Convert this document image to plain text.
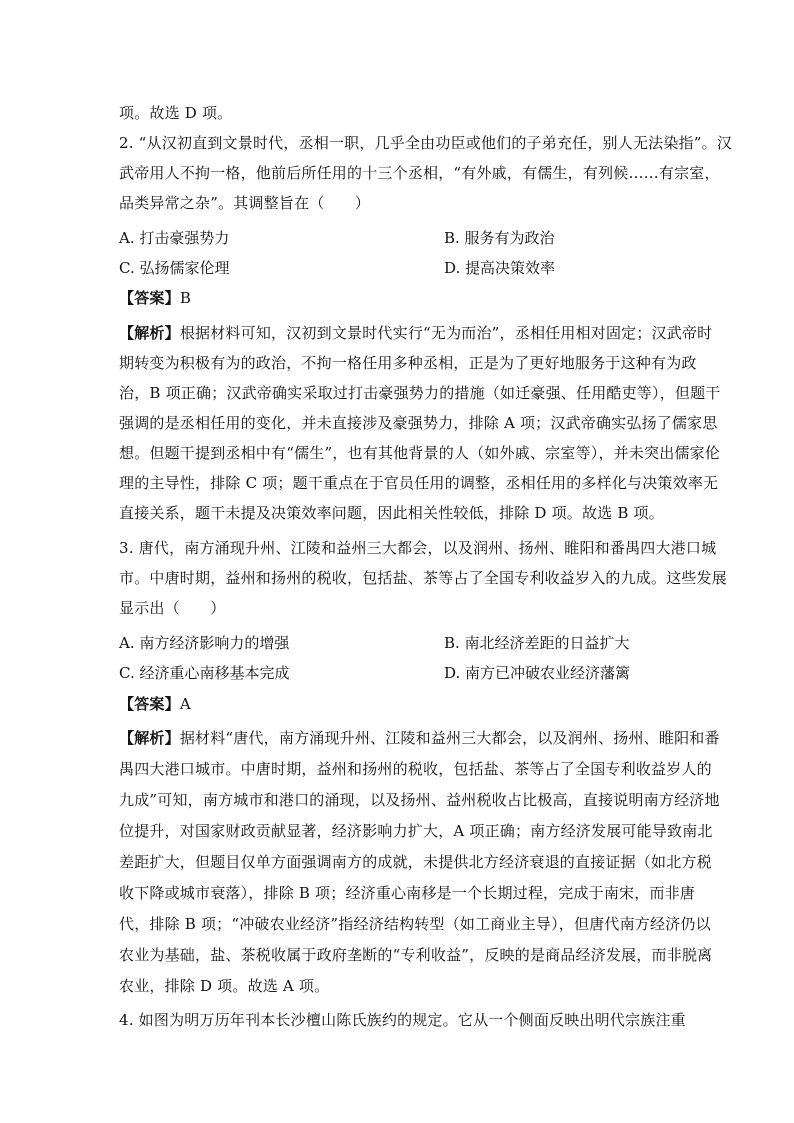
项。故选 D 项。
2. “从汉初直到文景时代，丞相一职，几乎全由功臣或他们的子弟充任，别人无法染指”。汉
武帝用人不拘一格，他前后所任用的十三个丞相，“有外戚，有儒生，有列候……有宗室，
品类异常之杂”。其调整旨在（　　）
A. 打击豪强势力	B. 服务有为政治
C. 弘扬儒家伦理	D. 提高决策效率
【答案】B
【解析】根据材料可知，汉初到文景时代实行“无为而治”，丞相任用相对固定；汉武帝时
期转变为积极有为的政治，不拘一格任用多种丞相，正是为了更好地服务于这种有为政
治，B 项正确；汉武帝确实采取过打击豪强势力的措施（如迁豪强、任用酷吏等），但题干
强调的是丞相任用的变化，并未直接涉及豪强势力，排除 A 项；汉武帝确实弘扬了儒家思
想。但题干提到丞相中有“儒生”，也有其他背景的人（如外戚、宗室等），并未突出儒家伦
理的主导性，排除 C 项；题干重点在于官员任用的调整，丞相任用的多样化与决策效率无
直接关系，题干未提及决策效率问题，因此相关性较低，排除 D 项。故选 B 项。
3. 唐代，南方涌现升州、江陵和益州三大都会，以及润州、扬州、睢阳和番禺四大港口城
市。中唐时期，益州和扬州的税收，包括盐、茶等占了全国专利收益岁入的九成。这些发展
显示出（　　）
A. 南方经济影响力的增强	B. 南北经济差距的日益扩大
C. 经济重心南移基本完成	D. 南方已冲破农业经济藩篱
【答案】A
【解析】据材料“唐代，南方涌现升州、江陵和益州三大都会，以及润州、扬州、睢阳和番
禺四大港口城市。中唐时期，益州和扬州的税收，包括盐、茶等占了全国专利收益岁人的
九成”可知，南方城市和港口的涌现，以及扬州、益州税收占比极高，直接说明南方经济地
位提升，对国家财政贡献显著，经济影响力扩大，A 项正确；南方经济发展可能导致南北
差距扩大，但题目仅单方面强调南方的成就，未提供北方经济衰退的直接证据（如北方税
收下降或城市衰落），排除 B 项；经济重心南移是一个长期过程，完成于南宋，而非唐
代，排除 B 项；“冲破农业经济”指经济结构转型（如工商业主导），但唐代南方经济仍以
农业为基础，盐、茶税收属于政府垄断的“专利收益”，反映的是商品经济发展，而非脱离
农业，排除 D 项。故选 A 项。
4. 如图为明万历年刊本长沙檀山陈氏族约的规定。它从一个侧面反映出明代宗族注重
